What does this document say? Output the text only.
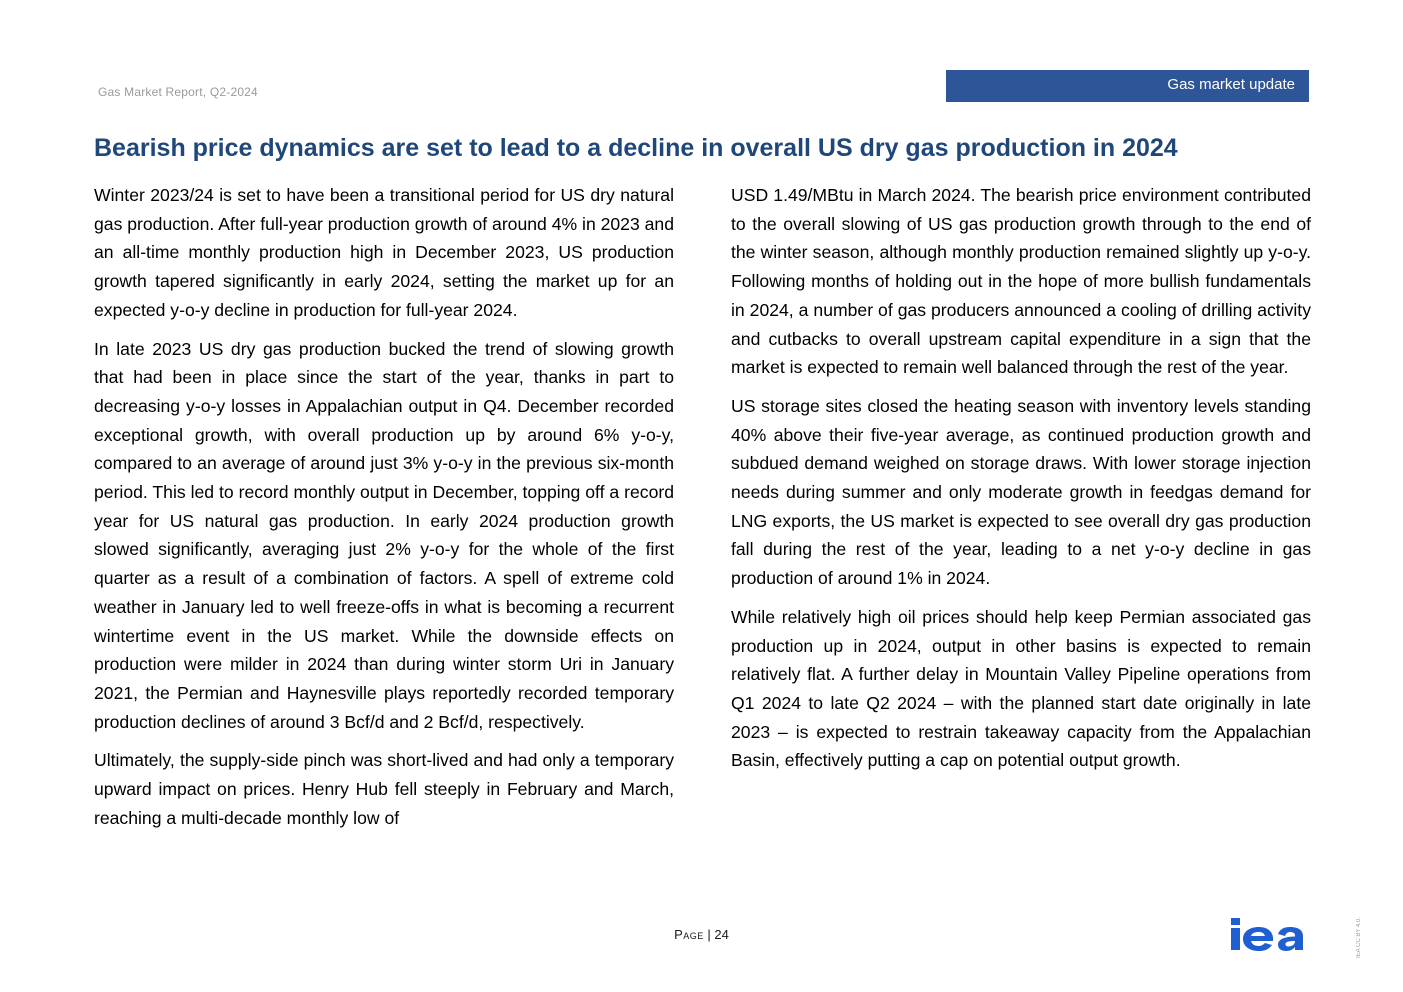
Gas Market Report, Q2-2024	Gas market update
Bearish price dynamics are set to lead to a decline in overall US dry gas production in 2024

Winter 2023/24 is set to have been a transitional period for US dry natural gas production. After full-year production growth of around 4% in 2023 and an all-time monthly production high in December 2023, US production growth tapered significantly in early 2024, setting the market up for an expected y-o-y decline in production for full-year 2024.

In late 2023 US dry gas production bucked the trend of slowing growth that had been in place since the start of the year, thanks in part to decreasing y-o-y losses in Appalachian output in Q4. December recorded exceptional growth, with overall production up by around 6% y-o-y, compared to an average of around just 3% y-o-y in the previous six-month period. This led to record monthly output in December, topping off a record year for US natural gas production. In early 2024 production growth slowed significantly, averaging just 2% y-o-y for the whole of the first quarter as a result of a combination of factors. A spell of extreme cold weather in January led to well freeze-offs in what is becoming a recurrent wintertime event in the US market. While the downside effects on production were milder in 2024 than during winter storm Uri in January 2021, the Permian and Haynesville plays reportedly recorded temporary production declines of around 3 Bcf/d and 2 Bcf/d, respectively.

Ultimately, the supply-side pinch was short-lived and had only a temporary upward impact on prices. Henry Hub fell steeply in February and March, reaching a multi-decade monthly low of

USD 1.49/MBtu in March 2024. The bearish price environment contributed to the overall slowing of US gas production growth through to the end of the winter season, although monthly production remained slightly up y-o-y. Following months of holding out in the hope of more bullish fundamentals in 2024, a number of gas producers announced a cooling of drilling activity and cutbacks to overall upstream capital expenditure in a sign that the market is expected to remain well balanced through the rest of the year.

US storage sites closed the heating season with inventory levels standing 40% above their five-year average, as continued production growth and subdued demand weighed on storage draws. With lower storage injection needs during summer and only moderate growth in feedgas demand for LNG exports, the US market is expected to see overall dry gas production fall during the rest of the year, leading to a net y-o-y decline in gas production of around 1% in 2024.

While relatively high oil prices should help keep Permian associated gas production up in 2024, output in other basins is expected to remain relatively flat. A further delay in Mountain Valley Pipeline operations from Q1 2024 to late Q2 2024 – with the planned start date originally in late 2023 – is expected to restrain takeaway capacity from the Appalachian Basin, effectively putting a cap on potential output growth.

Page | 24
iea
IEA CC BY 4.0.
